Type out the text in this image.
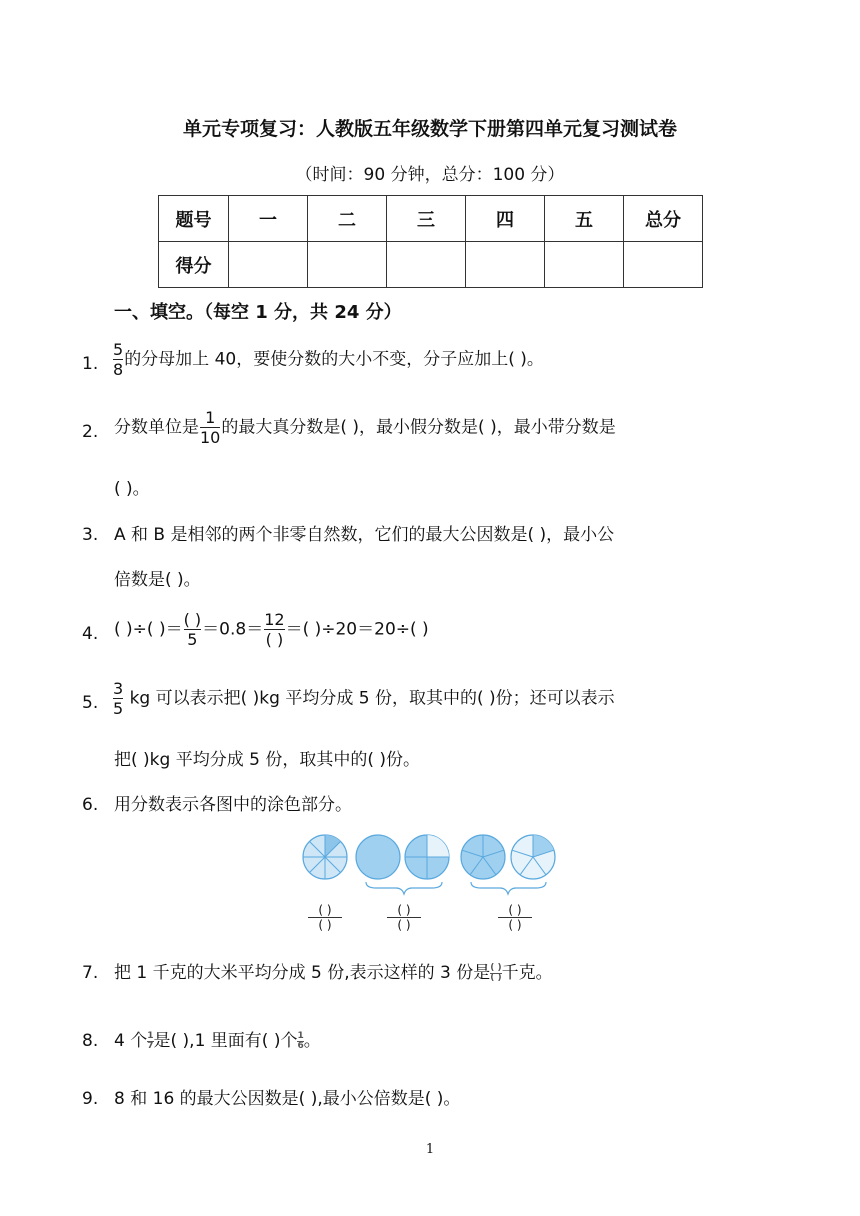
单元专项复习：人教版五年级数学下册第四单元复习测试卷
（时间：90 分钟，总分：100 分）
题号	一	二	三	四	五	总分
得分						
一、填空。（每空 1 分，共 24 分）
1. $\frac{5}{8}$ 的分母加上 40，要使分数的大小不变，分子应加上( )。
2. 分数单位是 $\frac{1}{10}$ 的最大真分数是( )，最小假分数是( )，最小带分数是
( )。
3. A 和 B 是相邻的两个非零自然数，它们的最大公因数是( )，最小公
倍数是( )。
4. ( )÷( )＝ $\frac{( )}{5} =0.8= \frac{12}{( )}$ ＝( )÷20＝20÷( )
5. $\frac{3}{5}$ kg 可以表示把( )kg 平均分成 5 份，取其中的( )份；还可以表示
把( )kg 平均分成 5 份，取其中的( )份。
6. 用分数表示各图中的涂色部分。
( )
( )
( )
( )
( )
( )
7. 把 1 千克的大米平均分成 5 份,表示这样的 3 份是 ( )
( ) 千克。
8. 4 个 $\frac{1}{7}$ 是( ),1 里面有( )个 $\frac{1}{6}$ 。
9. 8 和 16 的最大公因数是( ),最小公倍数是( )。
1
